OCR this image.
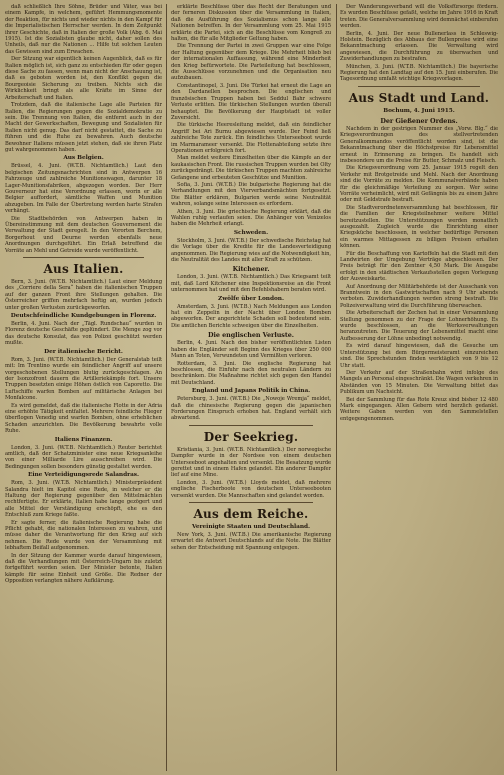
daß schließlich Ihre Söhne, Brüder und Väter, was bei einem Kampfe, in welchem, geführt Hemmungsmomente der Reaktion, für nichts und wieder nichts in den Kampf für die Imperialistischen Herrscher werden. In dem Zeitpunkt ihrer Geschichte, daß in Italien der große Volk (Abg. 6. Mai 1915). Ist die Sozialisten glaube nicht, daher sollen des Unheils, daß nur die Nationen ... Hilfe tut solchen Leuten das Gewissen sind zum Erwachen.

Der Sitzung war eigentlich keinen Augenblick, daß es für Italien möglich ist, sich ganz zu entschieden für oder gegen diese Sache zu fassen, wenn man nicht der Anschauung ist, daß es geboten worden ist, den Konflikt gegen die Bourgeoisie Sicherung zu treiben. Nichts sich die Wirklichkeit bringt als alle Kräfte im Sinne der Arbeiterschaft und Italien.

Trotzdem, daß die italienische Lage alle Parteien für Italien, die Regierungen gegen die Sozialdemokratie zu sein. Die Trennung von Italien, die entfernt auch in der Macht der Gewerkschaften, Bewegung und Sozialisten für Italien nicht genug. Das darf nicht gestattet, die Sache zu führen und die Ruhe zu bewahren. Auch deutsche Bewohner Italiens müssen jetzt stehen, daß sie ihren Platz gut wahrgenommen haben.

Aus Belgien.

Brüssel, 4. Juni. (W.T.B. Nichtamtlich.) Laut den belgischen Zeitungsnachrichten sind in Antwerpen 16 Fahrzeuge und zahlreiche Munitionswagen, darunter 18 Lager-Munitionsfabriken, abgezogen worden. Der Herr Gouverneur hat eine Verordnung erlassen, worin er alle Belgier auffordert, sämtliche Waffen und Munition abzugeben. Im Falle der Übertretung werden harte Strafen verhängt.

Die Stadtbehörden von Antwerpen haben in Übereinstimmung mit dem deutschen Gouvernement die Verwaltung der Stadt geregelt. In den Vororten Berchem, Borgerhout und Deurne werden ebenfalls neue Anordnungen durchgeführt. Ein Erlaß betreffend die Vorräte an Mehl und Getreide wurde veröffentlicht.

Aus Italien.

Bern, 3. Juni. (W.T.B. Nichtamtlich.) Laut einer Meldung des „Corriere della Sera“ haben die italienischen Truppen auf der ganzen Front ihre Stellungen gehalten. Die Österreicher griffen mehrfach heftig an, wurden jedoch unter großen Verlusten zurückgeworfen.

Deutschfeindliche Kundgebungen in Florenz.

Berlin, 4. Juni. Nach der „Tägl. Rundschau“ wurden in Florenz deutsche Geschäfte geplündert. Die Menge zog vor das deutsche Konsulat, das von Polizei geschützt werden mußte.

Der italienische Bericht.

Rom, 3. Juni. (W.T.B. Nichtamtlich.) Der Generalstab teilt mit: Im Trentino wurde ein feindlicher Angriff auf unsere vorgeschobenen Stellungen blutig zurückgeschlagen. An der Isonzofront dauern die Artilleriekämpfe fort. Unsere Truppen besetzten einige Höhen östlich von Caporetto. Die Luftschiffe warfen Bomben auf militärische Anlagen bei Monfalcone.

Es wird gemeldet, daß die italienische Flotte in der Adria eine erhöhte Tätigkeit entfaltet. Mehrere feindliche Flieger überflogen Venedig und warfen Bomben, ohne erheblichen Schaden anzurichten. Die Bevölkerung bewahrte volle Ruhe.

Italiens Finanzen.

London, 3. Juni. (W.T.B. Nichtamtlich.) Reuter berichtet amtlich, daß der Schatzminister eine neue Kriegsanleihe von einer Milliarde Lire ausschreiben wird. Die Bedingungen sollen besonders günstig gestaltet werden.

Eine Verteidigungsrede Salandras.

Rom, 3. Juni. (W.T.B. Nichtamtlich.) Ministerpräsident Salandra hielt im Kapitol eine Rede, in welcher er die Haltung der Regierung gegenüber den Mittelmächten rechtfertigte. Er erklärte, Italien habe lange gezögert und alle Mittel der Verständigung erschöpft, ehe es den Entschluß zum Kriege faßte.

Er sagte ferner, die italienische Regierung habe die Pflicht gehabt, die nationalen Interessen zu wahren, und müsse daher die Verantwortung für den Krieg auf sich nehmen. Die Rede wurde von der Versammlung mit lebhaftem Beifall aufgenommen.

In der Sitzung der Kammer wurde darauf hingewiesen, daß die Verhandlungen mit Österreich-Ungarn bis zuletzt fortgeführt worden seien. Der Minister betonte, Italien kämpfe für seine Einheit und Größe. Die Redner der Opposition verlangten nähere Aufklärung.

erklärte Beschlüsse über das Recht der Beratungen und der ferneren Diskussion über die Versammlung in Italien, daß die Ausführung des Sozialismus schon lange alle Nationen betreffen. In der Versammlung vom 25. Mai 1915 erklärte die Partei, sich an die Beschlüsse vom Kongreß zu halten, die für alle Mitglieder Geltung haben.

Die Trennung der Partei in zwei Gruppen war eine Folge der Haltung gegenüber dem Kriege. Die Mehrheit blieb bei der internationalen Auffassung, während eine Minderheit den Krieg befürwortete. Die Parteileitung hat beschlossen, die Ausschlüsse vorzunehmen und die Organisation neu aufzubauen.

Constantinopel, 3. Juni. Die Türkei hat erneut die Lage an den Dardanellen besprochen. Die englischen und französischen Truppen haben bei Seddul Bahr schwere Verluste erlitten. Die türkischen Stellungen wurden überall behauptet. Die Bevölkerung der Hauptstadt ist voller Zuversicht.

Die türkische Heeresleitung meldet, daß ein feindlicher Angriff bei Ari Burnu abgewiesen wurde. Der Feind ließ zahlreiche Tote zurück. Ein feindliches Unterseeboot wurde im Marmarameer versenkt. Die Flottenabteilung setzte ihre Operationen erfolgreich fort.

Man meldet weitere Einzelheiten über die Kämpfe an der kaukasischen Front. Die russischen Truppen wurden bei Olty zurückgedrängt. Die türkischen Truppen machten zahlreiche Gefangene und erbeuteten Geschütze und Munition.

Sofia, 3. Juni. (W.T.B.) Die bulgarische Regierung hat die Verhandlungen mit den Vierverbandsmächten fortgesetzt. Die Blätter erklären, Bulgarien werde seine Neutralität wahren, solange seine Interessen es erfordern.

Athen, 3. Juni. Die griechische Regierung erklärt, daß die Wahlen ruhig verlaufen seien. Die Anhänger von Venizelos haben die Mehrheit erlangt.

Schweden.

Stockholm, 3. Juni. (W.T.B.) Der schwedische Reichstag hat die Vorlage über die Kredite für die Landesverteidigung angenommen. Die Regierung wies auf die Notwendigkeit hin, die Neutralität des Landes mit aller Kraft zu schützen.

Kitchener.

London, 3. Juni. (W.T.B. Nichtamtlich.) Das Kriegsamt teilt mit, daß Lord Kitchener eine Inspektionsreise an die Front unternommen hat und mit den Befehlshabern beraten wird.

Zwölfe über London.

Amsterdam, 3. Juni. (W.T.B.) Nach Meldungen aus London hat ein Zeppelin in der Nacht über London Bomben abgeworfen. Der angerichtete Schaden soll bedeutend sein. Die amtlichen Berichte schweigen über die Einzelheiten.

Die englischen Verluste.

Berlin, 4. Juni. Nach den bisher veröffentlichten Listen haben die Engländer seit Beginn des Krieges über 250 000 Mann an Toten, Verwundeten und Vermißten verloren.

Rotterdam, 3. Juni. Die englische Regierung hat beschlossen, die Einfuhr nach den neutralen Ländern zu beschränken. Die Maßnahme richtet sich gegen den Handel mit Deutschland.

England und Japans Politik in China.

Petersburg, 3. Juni. (W.T.B.) Die „Nowoje Wremja“ meldet, daß die chinesische Regierung gegen die japanischen Forderungen Einspruch erhoben hat. England verhält sich abwartend.

Der Seekrieg.

Kristiania, 3. Juni. (W.T.B. Nichtamtlich.) Der norwegische Dampfer wurde in der Nordsee von einem deutschen Unterseeboot angehalten und versenkt. Die Besatzung wurde gerettet und in einem Hafen gelandet. Ein anderer Dampfer lief auf eine Mine.

London, 3. Juni. (W.T.B.) Lloyds meldet, daß mehrere englische Fischerboote von deutschen Unterseebooten versenkt wurden. Die Mannschaften sind gelandet worden.

Aus dem Reiche.
Vereinigte Staaten und Deutschland.

New York, 3. Juni. (W.T.B.) Die amerikanische Regierung erwartet die Antwort Deutschlands auf die Note. Die Blätter sehen der Entscheidung mit Spannung entgegen.

Der Wanderungsverband will die Volksfürsorge fördern. Es wurden Beschlüsse gefaßt, welche im Jahre 1916 in Kraft treten. Die Generalversammlung wird demnächst einberufen werden.

Berlin, 4. Juni. Der neue Bullenerlass in Schleswig-Holstein. Bezüglich des Abbaus der Bullenpreise wird eine Bekanntmachung erlassen. Die Verwaltung wird angewiesen, die Durchführung zu überwachen und Zuwiderhandlungen zu bestrafen.

München, 3. Juni. (W.T.B. Nichtamtlich.) Die bayerische Regierung hat den Landtag auf den 15. Juni einberufen. Die Tagesordnung umfaßt wichtige Kriegsvorlagen.

Aus Stadt und Land.
Bochum, 4. Juni 1915.
Der Gießener Ordens.

Nachdem in der gestrigen Nummer des „Vorw. Blg.“ die Kriegsverordnungen des stellvertretenden Generalkommandos veröffentlicht worden sind, ist die Bekanntmachung über die Höchstpreise für Lebensmittel erneut in Erinnerung zu bringen. Es handelt sich insbesondere um die Preise für Butter, Schmalz und Fleisch.

Die Kriegsverordnung vom 25. Januar 1915 regelt den Verkehr mit Brotgetreide und Mehl. Nach der Anordnung sind die Vorräte zu melden. Die Kommunalverbände haben für die gleichmäßige Verteilung zu sorgen. Wer seine Vorräte verheimlicht, wird mit Gefängnis bis zu einem Jahre oder mit Geldstrafe bestraft.

Die Stadtverordnetenversammlung hat beschlossen, für die Familien der Kriegsteilnehmer weitere Mittel bereitzustellen. Die Unterstützungen werden monatlich ausgezahlt. Zugleich wurde die Einrichtung einer Kriegsküche beschlossen, in welcher bedürftige Personen ein warmes Mittagessen zu billigen Preisen erhalten können.

Für die Beschaffung von Kartoffeln hat die Stadt mit den Landwirten der Umgebung Verträge abgeschlossen. Der Preis beträgt für den Zentner 4,50 Mark. Die Ausgabe erfolgt in den städtischen Verkaufsstellen gegen Vorlegung der Ausweiskarte.

Auf Anordnung der Militärbehörde ist der Ausschank von Branntwein in den Gastwirtschaften nach 9 Uhr abends verboten. Zuwiderhandlungen werden streng bestraft. Die Polizeiverwaltung wird die Durchführung überwachen.

Die Arbeiterschaft der Zechen hat in einer Versammlung Stellung genommen zu der Frage der Lohnerhöhung. Es wurde beschlossen, an die Werksverwaltungen heranzutreten. Die Teuerung der Lebensmittel macht eine Aufbesserung der Löhne unbedingt notwendig.

Es wird darauf hingewiesen, daß die Gesuche um Unterstützung bei dem Bürgermeisteramt einzureichen sind. Die Sprechstunden finden werktäglich von 9 bis 12 Uhr statt.

Der Verkehr auf der Straßenbahn wird infolge des Mangels an Personal eingeschränkt. Die Wagen verkehren in Abständen von 15 Minuten. Die Verwaltung bittet das Publikum um Nachsicht.

Bei der Sammlung für das Rote Kreuz sind bisher 12 480 Mark eingegangen. Allen Gebern wird herzlich gedankt. Weitere Gaben werden von den Sammelstellen entgegengenommen.
